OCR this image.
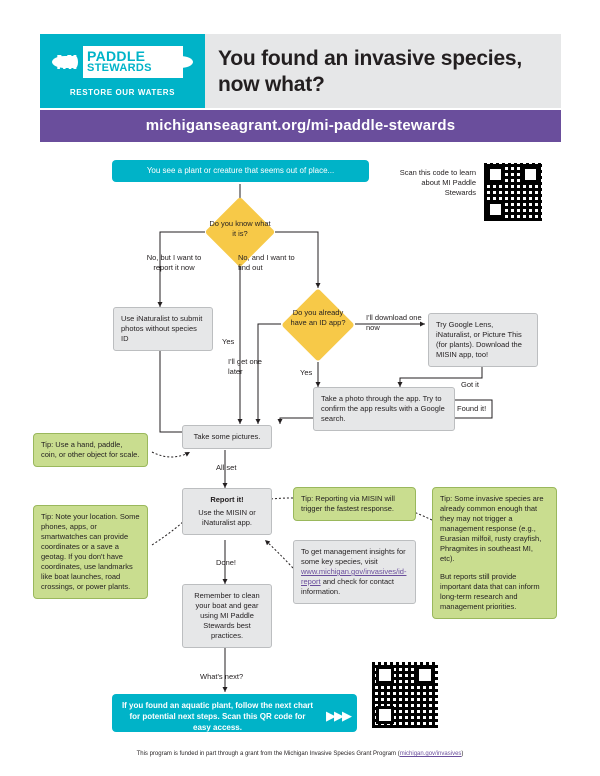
MI PADDLE
STEWARDS
RESTORE OUR WATERS
You found an invasive species, now what?
michiganseagrant.org/mi-paddle-stewards
Scan this code to learn about MI Paddle Stewards
You see a plant or creature that seems out of place...
Do you know what it is?
No, but I want to report it now
No, and I want to find out
Yes
Use iNaturalist to submit photos without species ID
Do you already have an ID app?	I'll download one now
I'll get one later	Yes
Try Google Lens, iNaturalist, or Picture This (for plants). Download the MISIN app, too!
Take a photo through the app. Try to confirm the app results with a Google search.
Got it
Found it!
Take some pictures.
All set
Report it!
Use the MISIN or iNaturalist app.
Done!
Remember to clean your boat and gear using MI Paddle Stewards best practices.
What's next?
Tip: Use a hand, paddle, coin, or other object for scale.
Tip: Note your location. Some phones, apps, or smartwatches can provide coordinates or a save a geotag. If you don't have coordinates, use landmarks like boat launches, road crossings, or power plants.
Tip: Reporting via MISIN will trigger the fastest response.
To get management insights for some key species, visit www.michigan.gov/invasives/id-report and check for contact information.
Tip: Some invasive species are already common enough that they may not trigger a management response (e.g., Eurasian milfoil, rusty crayfish, Phragmites in southeast MI, etc).
But reports still provide important data that can inform long-term research and management priorities.
If you found an aquatic plant, follow the next chart for potential next steps. Scan this QR code for easy access.
▶▶▶
This program is funded in part through a grant from the Michigan Invasive Species Grant Program (michigan.gov/invasives)
